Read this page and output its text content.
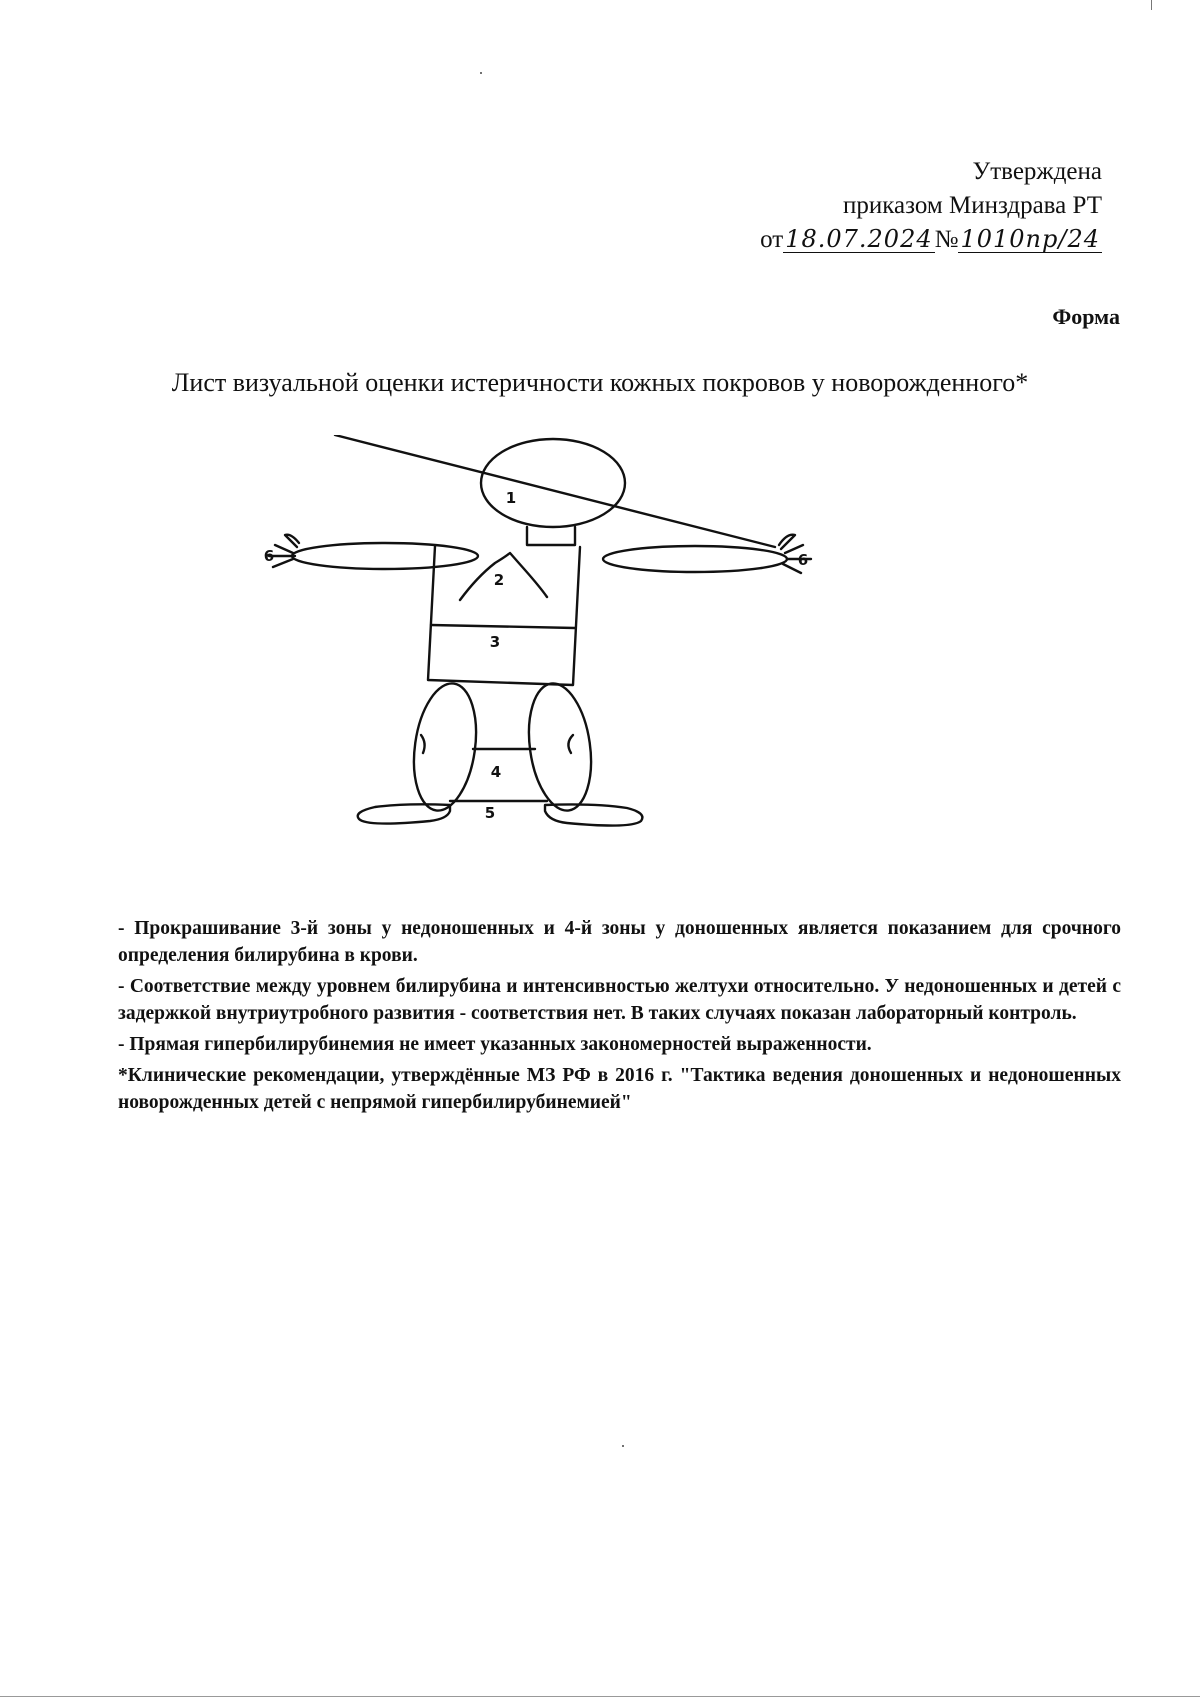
Утверждена
приказом Минздрава РТ
от18.07.2024№1010пр/24
Форма
Лист визуальной оценки истеричности кожных покровов у новорожденного*
1
2
3
4
5
6	6

- Прокрашивание 3-й зоны у недоношенных и 4-й зоны у доношенных является показанием для срочного определения билирубина в крови.

- Соответствие между уровнем билирубина и интенсивностью желтухи относительно. У недоношенных и детей с задержкой внутриутробного развития - соответствия нет. В таких случаях показан лабораторный контроль.

- Прямая гипербилирубинемия не имеет указанных закономерностей выраженности.

*Клинические рекомендации, утверждённые МЗ РФ в 2016 г. "Тактика ведения доношенных и недоношенных новорожденных детей с непрямой гипербилирубинемией"
